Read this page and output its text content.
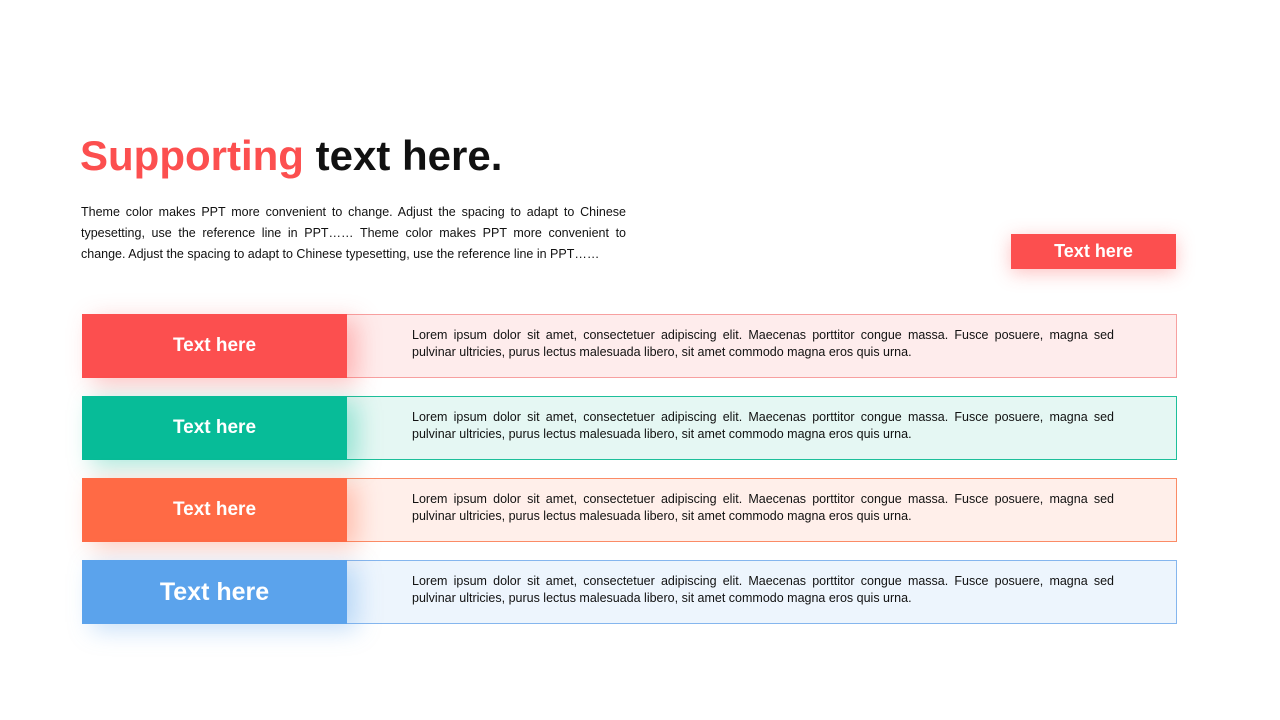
Supporting text here.

Theme color makes PPT more convenient to change. Adjust the spacing to adapt to Chinese typesetting, use the reference line in PPT…… Theme color makes PPT more convenient to change. Adjust the spacing to adapt to Chinese typesetting, use the reference line in PPT……	Text here
Text here	Lorem ipsum dolor sit amet, consectetuer adipiscing elit. Maecenas porttitor congue massa. Fusce posuere, magna sed pulvinar ultricies, purus lectus malesuada libero, sit amet commodo magna eros quis urna.

Text here	Lorem ipsum dolor sit amet, consectetuer adipiscing elit. Maecenas porttitor congue massa. Fusce posuere, magna sed pulvinar ultricies, purus lectus malesuada libero, sit amet commodo magna eros quis urna.

Text here	Lorem ipsum dolor sit amet, consectetuer adipiscing elit. Maecenas porttitor congue massa. Fusce posuere, magna sed pulvinar ultricies, purus lectus malesuada libero, sit amet commodo magna eros quis urna.

Text here	Lorem ipsum dolor sit amet, consectetuer adipiscing elit. Maecenas porttitor congue massa. Fusce posuere, magna sed pulvinar ultricies, purus lectus malesuada libero, sit amet commodo magna eros quis urna.
